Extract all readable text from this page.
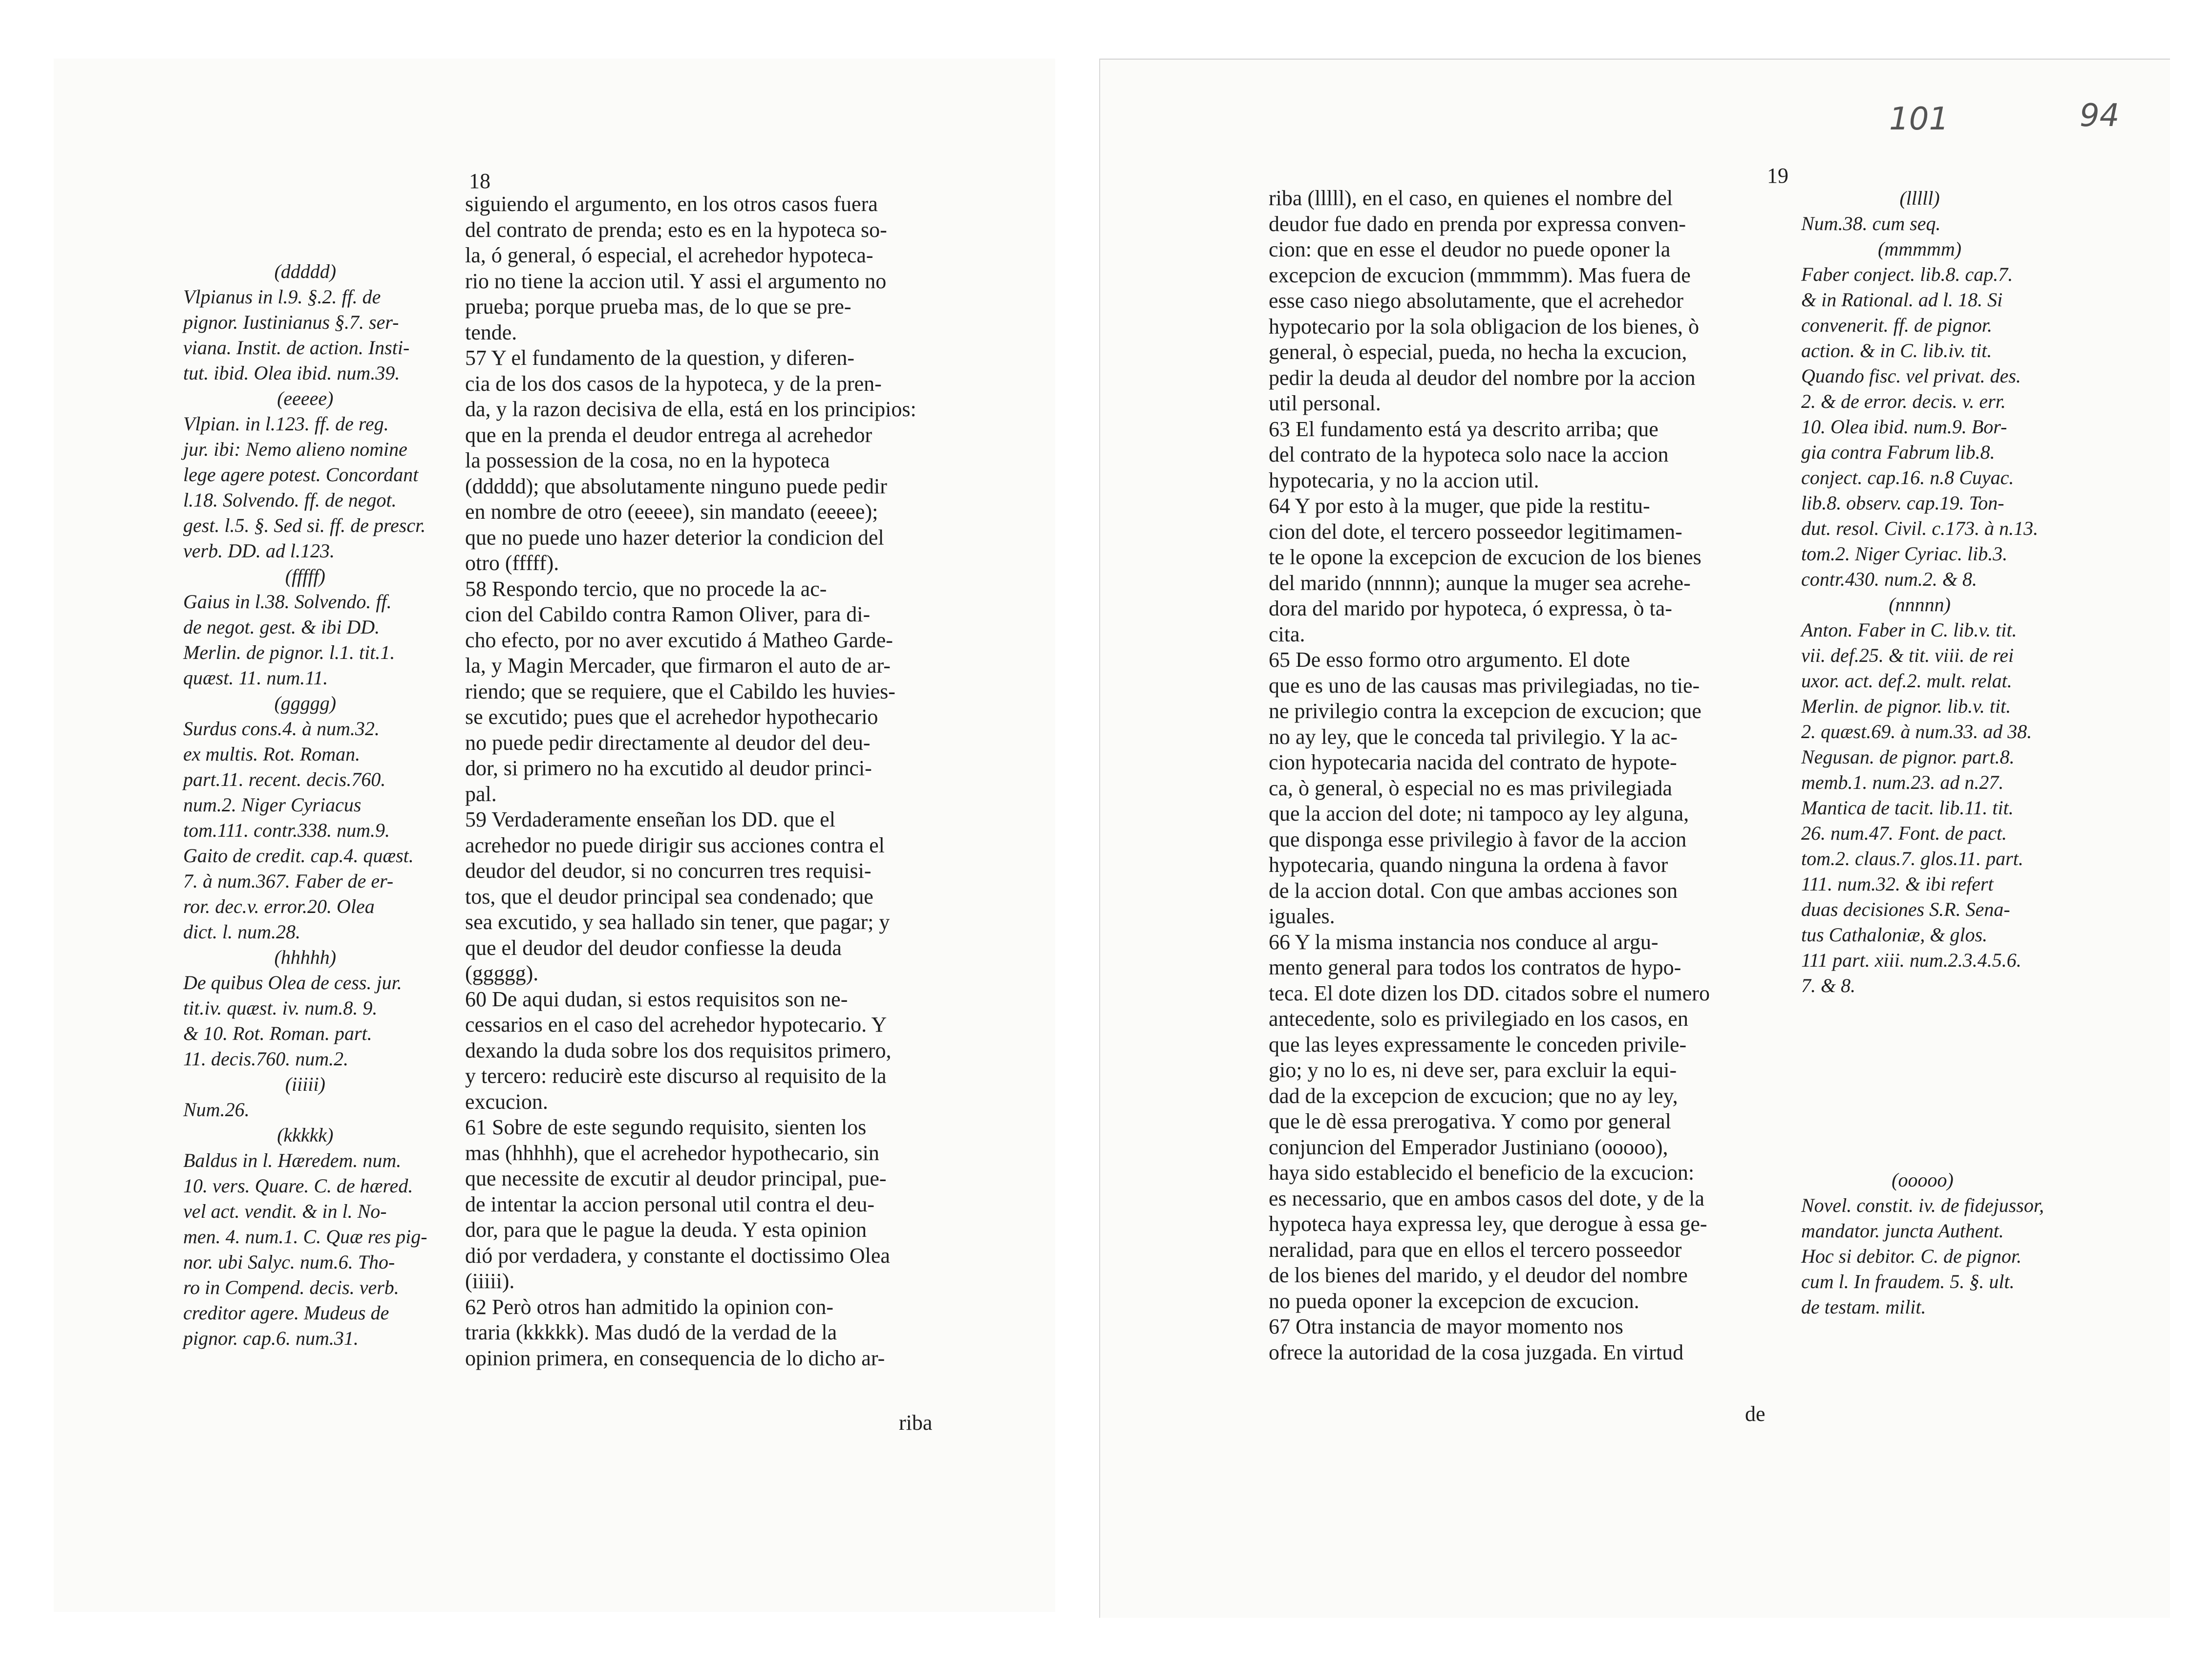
18
(ddddd)
Vlpianus in l.9. §.2. ff. de
pignor. Iustinianus §.7. ser-
viana. Instit. de action. Insti-
tut. ibid. Olea ibid. num.39.
(eeeee)
Vlpian. in l.123. ff. de reg.
jur. ibi: Nemo alieno nomine
lege agere potest. Concordant
l.18. Solvendo. ff. de negot.
gest. l.5. §. Sed si. ff. de prescr.
verb. DD. ad l.123.
(fffff)
Gaius in l.38. Solvendo. ff.
de negot. gest. & ibi DD.
Merlin. de pignor. l.1. tit.1.
quæst. 11. num.11.
(ggggg)
Surdus cons.4. à num.32.
ex multis. Rot. Roman.
part.11. recent. decis.760.
num.2. Niger Cyriacus
tom.111. contr.338. num.9.
Gaito de credit. cap.4. quæst.
7. à num.367. Faber de er-
ror. dec.v. error.20. Olea
dict. l. num.28.
(hhhhh)
De quibus Olea de cess. jur.
tit.iv. quæst. iv. num.8. 9.
& 10. Rot. Roman. part.
11. decis.760. num.2.
(iiiii)
Num.26.
(kkkkk)
Baldus in l. Hæredem. num.
10. vers. Quare. C. de hæred.
vel act. vendit. & in l. No-
men. 4. num.1. C. Quæ res pig-
nor. ubi Salyc. num.6. Tho-
ro in Compend. decis. verb.
creditor agere. Mudeus de
pignor. cap.6. num.31.
siguiendo el argumento, en los otros casos fuera
del contrato de prenda; esto es en la hypoteca so-
la, ó general, ó especial, el acrehedor hypoteca-
rio no tiene la accion util. Y assi el argumento no
prueba; porque prueba mas, de lo que se pre-
tende.
57 Y el fundamento de la question, y diferen-
cia de los dos casos de la hypoteca, y de la pren-
da, y la razon decisiva de ella, está en los principios:
que en la prenda el deudor entrega al acrehedor
la possession de la cosa, no en la hypoteca
(ddddd); que absolutamente ninguno puede pedir
en nombre de otro (eeeee), sin mandato (eeeee);
que no puede uno hazer deterior la condicion del
otro (fffff).
58 Respondo tercio, que no procede la ac-
cion del Cabildo contra Ramon Oliver, para di-
cho efecto, por no aver excutido á Matheo Garde-
la, y Magin Mercader, que firmaron el auto de ar-
riendo; que se requiere, que el Cabildo les huvies-
se excutido; pues que el acrehedor hypothecario
no puede pedir directamente al deudor del deu-
dor, si primero no ha excutido al deudor princi-
pal.
59 Verdaderamente enseñan los DD. que el
acrehedor no puede dirigir sus acciones contra el
deudor del deudor, si no concurren tres requisi-
tos, que el deudor principal sea condenado; que
sea excutido, y sea hallado sin tener, que pagar; y
que el deudor del deudor confiesse la deuda
(ggggg).
60 De aqui dudan, si estos requisitos son ne-
cessarios en el caso del acrehedor hypotecario. Y
dexando la duda sobre los dos requisitos primero,
y tercero: reducirè este discurso al requisito de la
excucion.
61 Sobre de este segundo requisito, sienten los
mas (hhhhh), que el acrehedor hypothecario, sin
que necessite de excutir al deudor principal, pue-
de intentar la accion personal util contra el deu-
dor, para que le pague la deuda. Y esta opinion
dió por verdadera, y constante el doctissimo Olea
(iiiii).
62 Però otros han admitido la opinion con-
traria (kkkkk). Mas dudó de la verdad de la
opinion primera, en consequencia de lo dicho ar-
riba
101	94
19
riba (lllll), en el caso, en quienes el nombre del
deudor fue dado en prenda por expressa conven-
cion: que en esse el deudor no puede oponer la
excepcion de excucion (mmmmm). Mas fuera de
esse caso niego absolutamente, que el acrehedor
hypotecario por la sola obligacion de los bienes, ò
general, ò especial, pueda, no hecha la excucion,
pedir la deuda al deudor del nombre por la accion
util personal.
63 El fundamento está ya descrito arriba; que
del contrato de la hypoteca solo nace la accion
hypotecaria, y no la accion util.
64 Y por esto à la muger, que pide la restitu-
cion del dote, el tercero posseedor legitimamen-
te le opone la excepcion de excucion de los bienes
del marido (nnnnn); aunque la muger sea acrehe-
dora del marido por hypoteca, ó expressa, ò ta-
cita.
65 De esso formo otro argumento. El dote
que es uno de las causas mas privilegiadas, no tie-
ne privilegio contra la excepcion de excucion; que
no ay ley, que le conceda tal privilegio. Y la ac-
cion hypotecaria nacida del contrato de hypote-
ca, ò general, ò especial no es mas privilegiada
que la accion del dote; ni tampoco ay ley alguna,
que disponga esse privilegio à favor de la accion
hypotecaria, quando ninguna la ordena à favor
de la accion dotal. Con que ambas acciones son
iguales.
66 Y la misma instancia nos conduce al argu-
mento general para todos los contratos de hypo-
teca. El dote dizen los DD. citados sobre el numero
antecedente, solo es privilegiado en los casos, en
que las leyes expressamente le conceden privile-
gio; y no lo es, ni deve ser, para excluir la equi-
dad de la excepcion de excucion; que no ay ley,
que le dè essa prerogativa. Y como por general
conjuncion del Emperador Justiniano (ooooo),
haya sido establecido el beneficio de la excucion:
es necessario, que en ambos casos del dote, y de la
hypoteca haya expressa ley, que derogue à essa ge-
neralidad, para que en ellos el tercero posseedor
de los bienes del marido, y el deudor del nombre
no pueda oponer la excepcion de excucion.
67 Otra instancia de mayor momento nos
ofrece la autoridad de la cosa juzgada. En virtud
(lllll)
Num.38. cum seq.
(mmmmm)
Faber conject. lib.8. cap.7.
& in Rational. ad l. 18. Si
convenerit. ff. de pignor.
action. & in C. lib.iv. tit.
Quando fisc. vel privat. des.
2. & de error. decis. v. err.
10. Olea ibid. num.9. Bor-
gia contra Fabrum lib.8.
conject. cap.16. n.8 Cuyac.
lib.8. observ. cap.19. Ton-
dut. resol. Civil. c.173. à n.13.
tom.2. Niger Cyriac. lib.3.
contr.430. num.2. & 8.
(nnnnn)
Anton. Faber in C. lib.v. tit.
vii. def.25. & tit. viii. de rei
uxor. act. def.2. mult. relat.
Merlin. de pignor. lib.v. tit.
2. quæst.69. à num.33. ad 38.
Negusan. de pignor. part.8.
memb.1. num.23. ad n.27.
Mantica de tacit. lib.11. tit.
26. num.47. Font. de pact.
tom.2. claus.7. glos.11. part.
111. num.32. & ibi refert
duas decisiones S.R. Sena-
tus Cathaloniæ, & glos.
111 part. xiii. num.2.3.4.5.6.
7. & 8.
(ooooo)
Novel. constit. iv. de fidejussor,
mandator. juncta Authent.
Hoc si debitor. C. de pignor.
cum l. In fraudem. 5. §. ult.
de testam. milit.
de
